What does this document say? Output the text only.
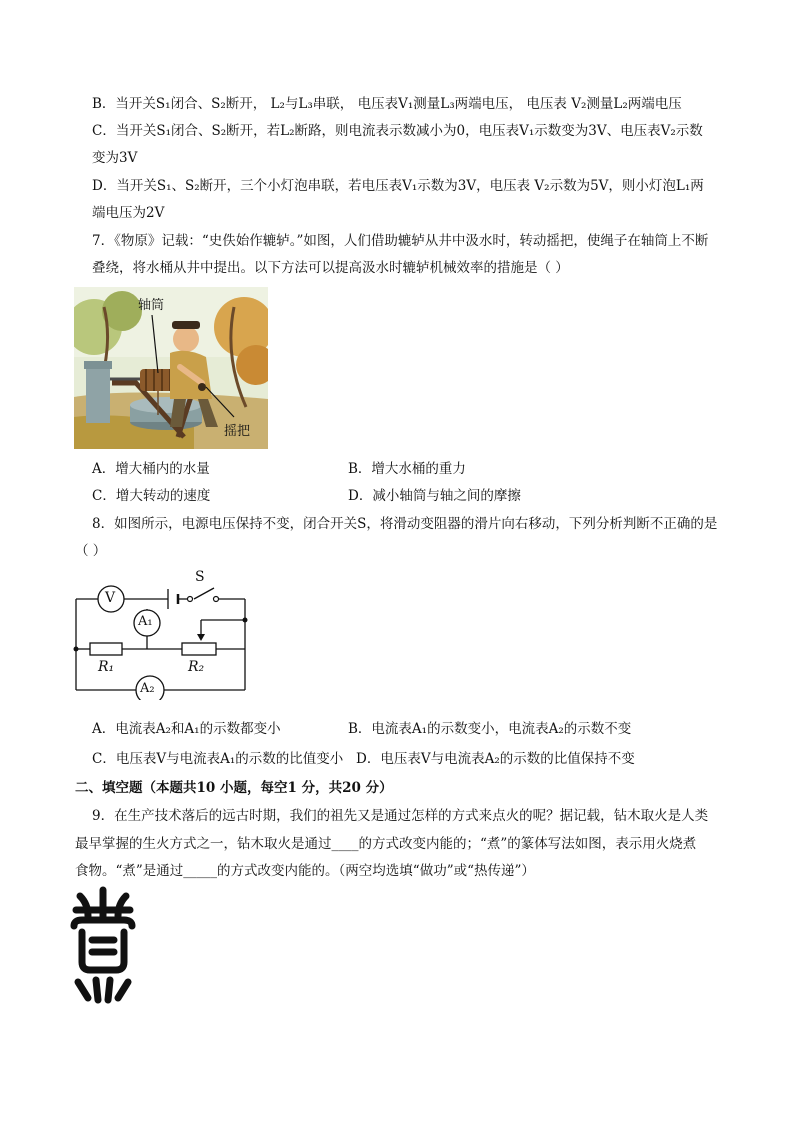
B．当开关S₁闭合、S₂断开， L₂与L₃串联， 电压表V₁测量L₃两端电压， 电压表 V₂测量L₂两端电压
C．当开关S₁闭合、S₂断开，若L₂断路，则电流表示数减小为0，电压表V₁示数变为3V、电压表V₂示数
变为3V
D．当开关S₁、S₂断开，三个小灯泡串联，若电压表V₁示数为3V，电压表 V₂示数为5V，则小灯泡L₁两
端电压为2V
7．《物原》记载：“史佚始作辘轳。”如图，人们借助辘轳从井中汲水时，转动摇把，使绳子在轴筒上不断
叠绕，将水桶从井中提出。以下方法可以提高汲水时辘轳机械效率的措施是（ ）
轴筒
摇把
A．增大桶内的水量	B．增大水桶的重力
C．增大转动的速度	D．减小轴筒与轴之间的摩擦
8．如图所示，电源电压保持不变，闭合开关S，将滑动变阻器的滑片向右移动，下列分析判断不正确的是
（ ）
V
S
A₁
A₂
R₁	R₂
A．电流表A₂和A₁的示数都变小	B．电流表A₁的示数变小，电流表A₂的示数不变
C．电压表V与电流表A₁的示数的比值变小 D．电压表V与电流表A₂的示数的比值保持不变
二、填空题（本题共10 小题，每空1 分，共20 分）
9．在生产技术落后的远古时期，我们的祖先又是通过怎样的方式来点火的呢？据记载，钻木取火是人类
最早掌握的生火方式之一，钻木取火是通过____的方式改变内能的；“煮”的篆体写法如图，表示用火烧煮
食物。“煮”是通过_____的方式改变内能的。（两空均选填“做功”或“热传递”）
